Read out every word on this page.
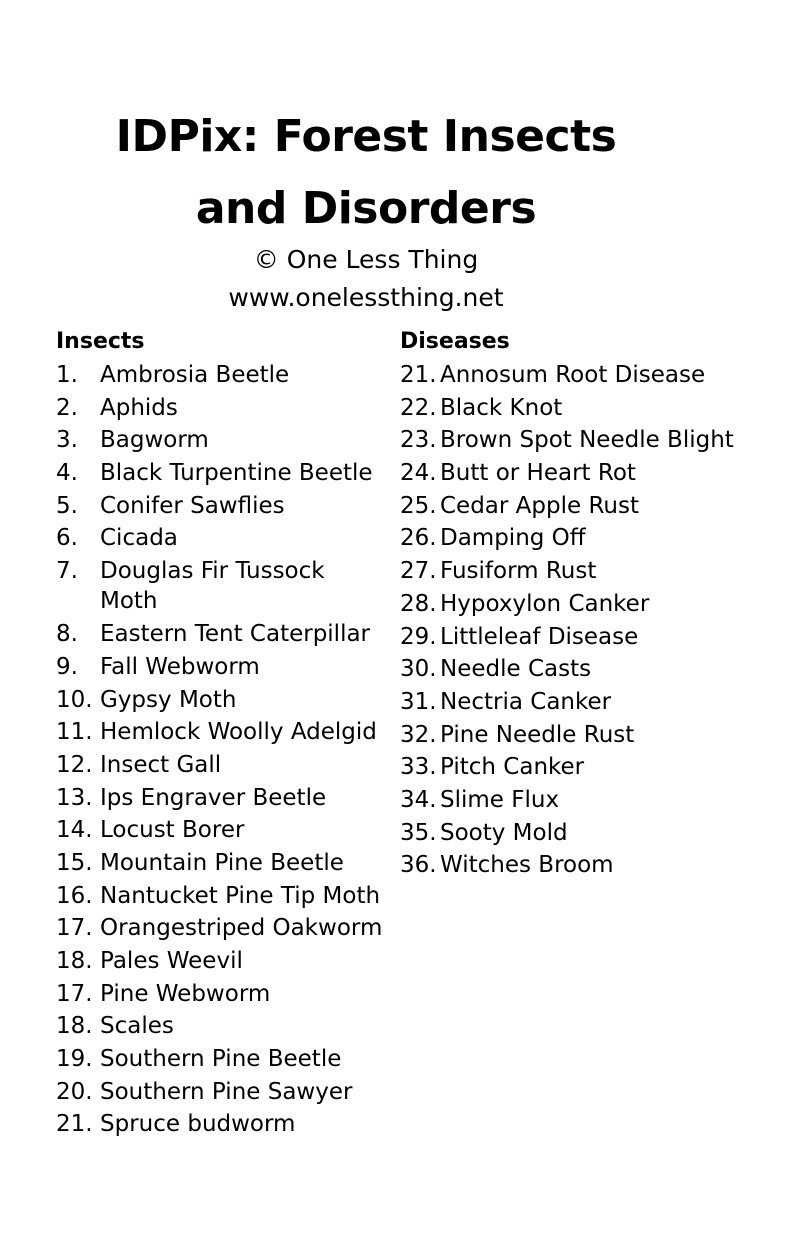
IDPix: Forest Insects
and Disorders
© One Less Thing
www.onelessthing.net
Insects
1. Ambrosia Beetle
2. Aphids
3. Bagworm
4. Black Turpentine Beetle
5. Conifer Sawflies
6. Cicada
7. Douglas Fir Tussock Moth
8. Eastern Tent Caterpillar
9. Fall Webworm
10. Gypsy Moth
11. Hemlock Woolly Adelgid
12. Insect Gall
13. Ips Engraver Beetle
14. Locust Borer
15. Mountain Pine Beetle
16. Nantucket Pine Tip Moth
17. Orangestriped Oakworm
18. Pales Weevil
17. Pine Webworm
18. Scales
19. Southern Pine Beetle
20. Southern Pine Sawyer
21. Spruce budworm
Diseases
21. Annosum Root Disease
22. Black Knot
23. Brown Spot Needle Blight
24. Butt or Heart Rot
25. Cedar Apple Rust
26. Damping Off
27. Fusiform Rust
28. Hypoxylon Canker
29. Littleleaf Disease
30. Needle Casts
31. Nectria Canker
32. Pine Needle Rust
33. Pitch Canker
34. Slime Flux
35. Sooty Mold
36. Witches Broom
